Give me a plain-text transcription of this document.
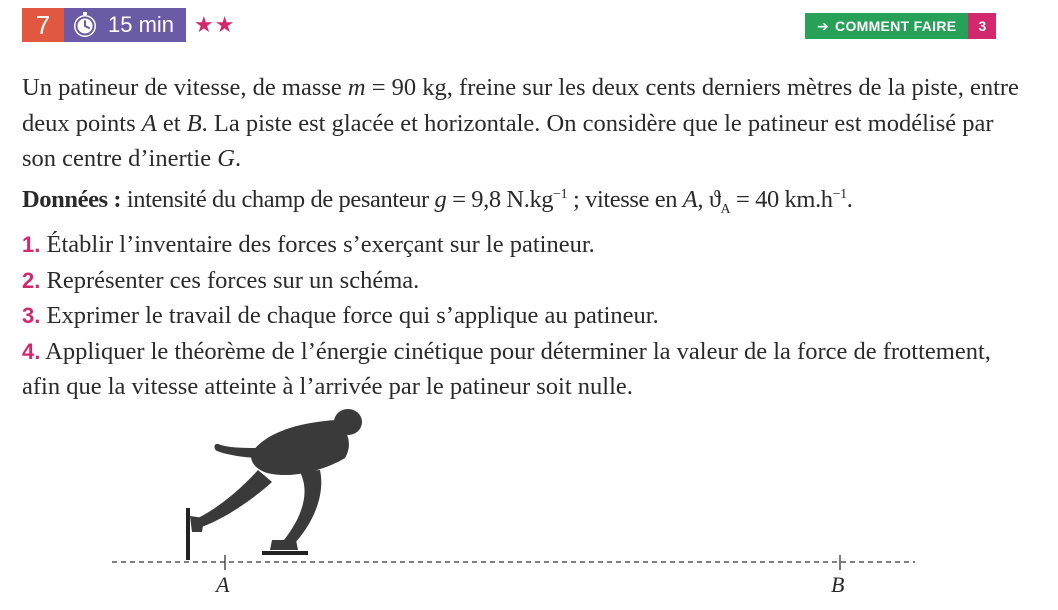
7	15 min ★★	➔ COMMENT FAIRE	3

Un patineur de vitesse, de masse m = 90 kg, freine sur les deux cents derniers mètres de la piste, entre deux points A et B. La piste est glacée et horizontale. On considère que le patineur est modélisé par son centre d’inertie G.

Données : intensité du champ de pesanteur g = 9,8 $N.kg^{-1}$ ; vitesse en A, $ϑ_A = 40$ $km.h^{-1}$.

1. Établir l’inventaire des forces s’exerçant sur le patineur.

2. Représenter ces forces sur un schéma.

3. Exprimer le travail de chaque force qui s’applique au patineur.

4. Appliquer le théorème de l’énergie cinétique pour déterminer la valeur de la force de frottement, afin que la vitesse atteinte à l’arrivée par le patineur soit nulle.

A	B
